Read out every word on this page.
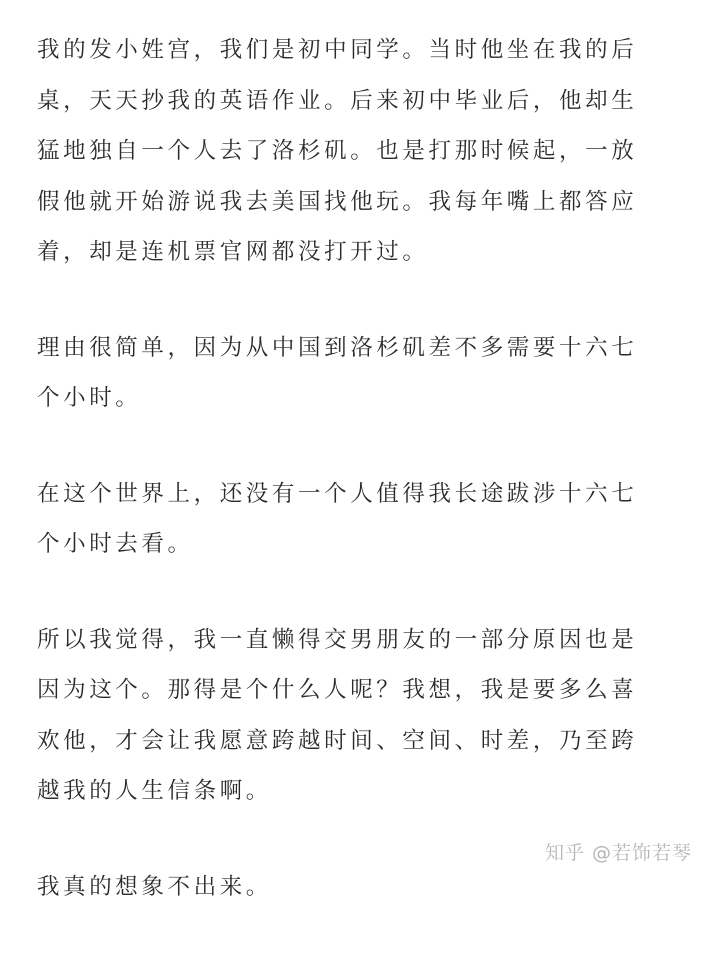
我的发小姓宫，我们是初中同学。当时他坐在我的后
桌，天天抄我的英语作业。后来初中毕业后，他却生
猛地独自一个人去了洛杉矶。也是打那时候起，一放
假他就开始游说我去美国找他玩。我每年嘴上都答应
着，却是连机票官网都没打开过。

理由很简单，因为从中国到洛杉矶差不多需要十六七
个小时。

在这个世界上，还没有一个人值得我长途跋涉十六七
个小时去看。

所以我觉得，我一直懒得交男朋友的一部分原因也是
因为这个。那得是个什么人呢？我想，我是要多么喜
欢他，才会让我愿意跨越时间、空间、时差，乃至跨
越我的人生信条啊。

我真的想象不出来。

知乎 @若饰若琴
